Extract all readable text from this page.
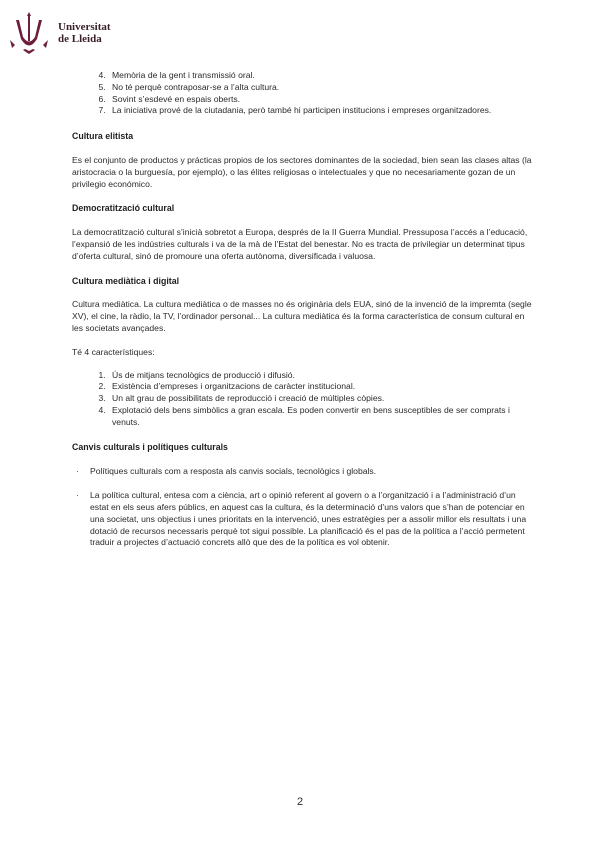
Universitat
de Lleida
4. Memòria de la gent i transmissió oral.
5. No té perquè contraposar-se a l’alta cultura.
6. Sovint s’esdevé en espais oberts.
7. La iniciativa prové de la ciutadania, però també hi participen institucions i empreses organitzadores.
Cultura elitista

Es el conjunto de productos y prácticas propios de los sectores dominantes de la sociedad, bien sean las clases altas (la aristocracia o la burguesía, por ejemplo), o las élites religiosas o intelectuales y que no necesariamente gozan de un privilegio económico.

Democratització cultural

La democratització cultural s’inicià sobretot a Europa, després de la II Guerra Mundial. Pressuposa l’accés a l’educació, l’expansió de les indústries culturals i va de la mà de l’Estat del benestar. No es tracta de privilegiar un determinat tipus d’oferta cultural, sinó de promoure una oferta autònoma, diversificada i valuosa.

Cultura mediàtica i digital

Cultura mediàtica. La cultura mediàtica o de masses no és originària dels EUA, sinó de la invenció de la impremta (segle XV), el cine, la ràdio, la TV, l’ordinador personal... La cultura mediàtica és la forma característica de consum cultural en les societats avançades.

Té 4 característiques:

1. Ús de mitjans tecnològics de producció i difusió.
2. Existència d’empreses i organitzacions de caràcter institucional.
3. Un alt grau de possibilitats de reproducció i creació de múltiples còpies.
4. Explotació dels bens simbòlics a gran escala. Es poden convertir en bens susceptibles de ser comprats i venuts.
Canvis culturals i polítiques culturals
· Polítiques culturals com a resposta als canvis socials, tecnològics i globals.
· La política cultural, entesa com a ciència, art o opinió referent al govern o a l’organització i a l’administració d’un estat en els seus afers públics, en aquest cas la cultura, és la determinació d’uns valors que s’han de potenciar en una societat, uns objectius i unes prioritats en la intervenció, unes estratègies per a assolir millor els resultats i una dotació de recursos necessaris perquè tot sigui possible. La planificació és el pas de la política a l’acció permetent traduir a projectes d’actuació concrets allò que des de la política es vol obtenir.
2
